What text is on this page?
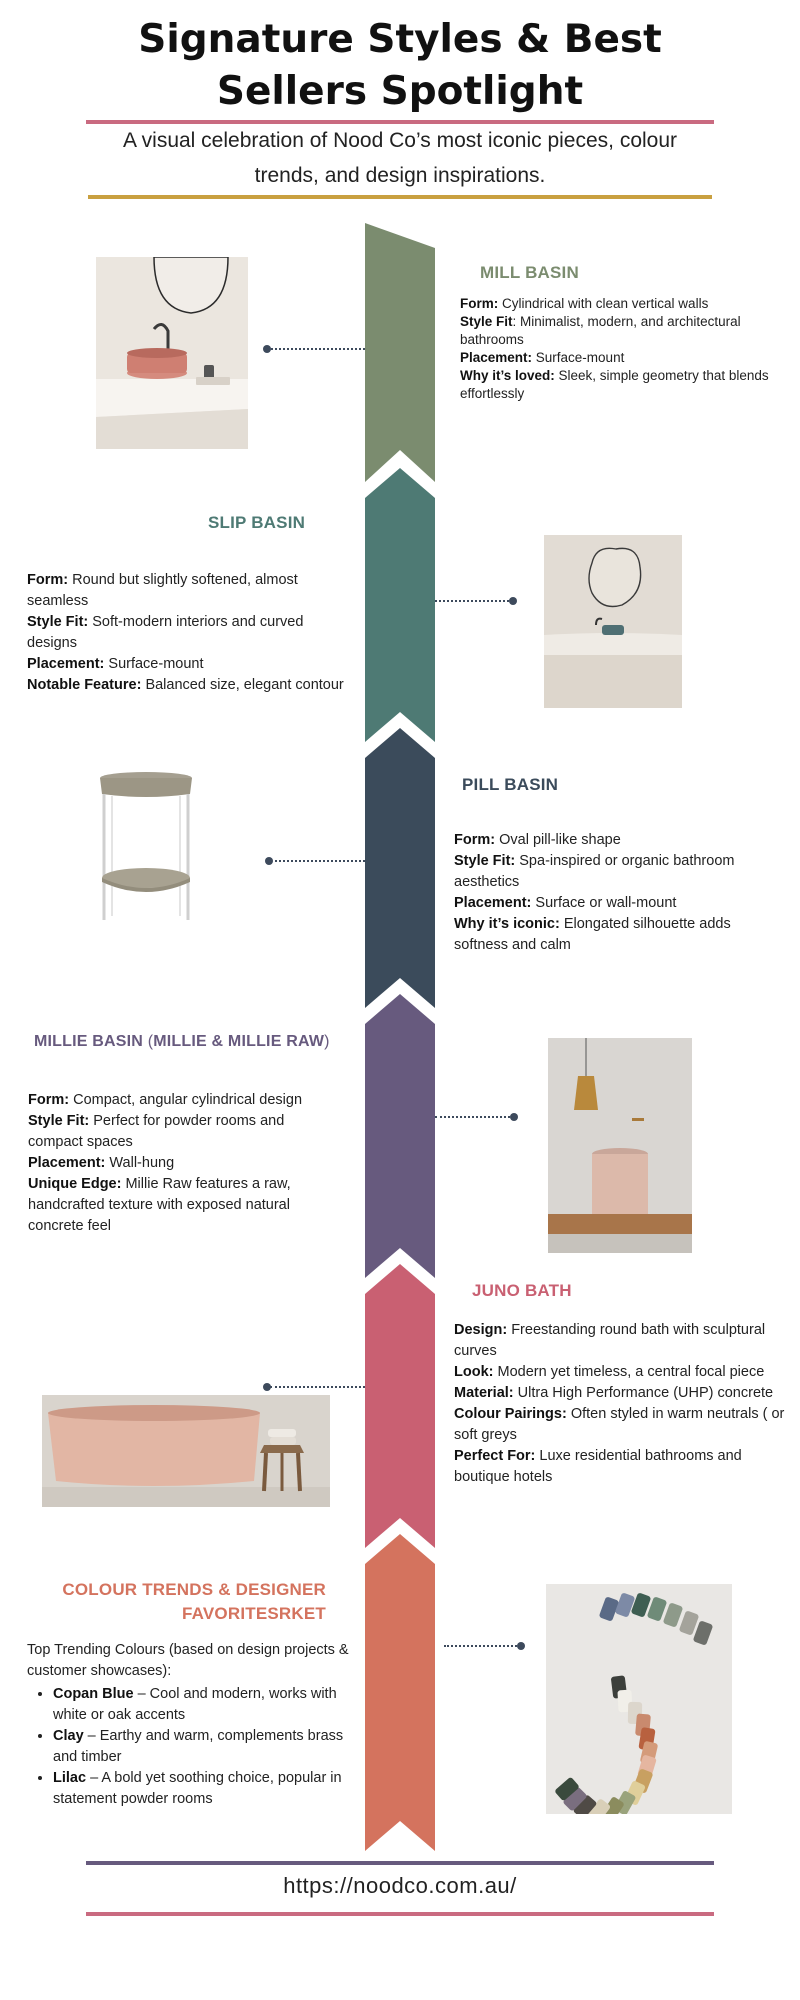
Signature Styles & Best Sellers Spotlight
A visual celebration of Nood Co’s most iconic pieces, colour trends, and design inspirations.
MILL BASIN

Form: Cylindrical with clean vertical walls

Style Fit: Minimalist, modern, and architectural bathrooms

Placement: Surface-mount

Why it’s loved: Sleek, simple geometry that blends effortlessly

SLIP BASIN

Form: Round but slightly softened, almost seamless

Style Fit: Soft-modern interiors and curved designs

Placement: Surface-mount

Notable Feature: Balanced size, elegant contour

PILL BASIN

Form: Oval pill-like shape

Style Fit: Spa-inspired or organic bathroom aesthetics

Placement: Surface or wall-mount

Why it’s iconic: Elongated silhouette adds softness and calm

MILLIE BASIN (MILLIE & MILLIE RAW)

Form: Compact, angular cylindrical design

Style Fit: Perfect for powder rooms and compact spaces

Placement: Wall-hung

Unique Edge: Millie Raw features a raw, handcrafted texture with exposed natural concrete feel

JUNO BATH

Design: Freestanding round bath with sculptural curves

Look: Modern yet timeless, a central focal piece

Material: Ultra High Performance (UHP) concrete

Colour Pairings: Often styled in warm neutrals ( or soft greys

Perfect For: Luxe residential bathrooms and boutique hotels

COLOUR TRENDS & DESIGNER FAVORITESRKET

Top Trending Colours (based on design projects & customer showcases):

• Copan Blue – Cool and modern, works with white or oak accents
• Clay – Earthy and warm, complements brass and timber
• Lilac – A bold yet soothing choice, popular in statement powder rooms
https://noodco.com.au/
